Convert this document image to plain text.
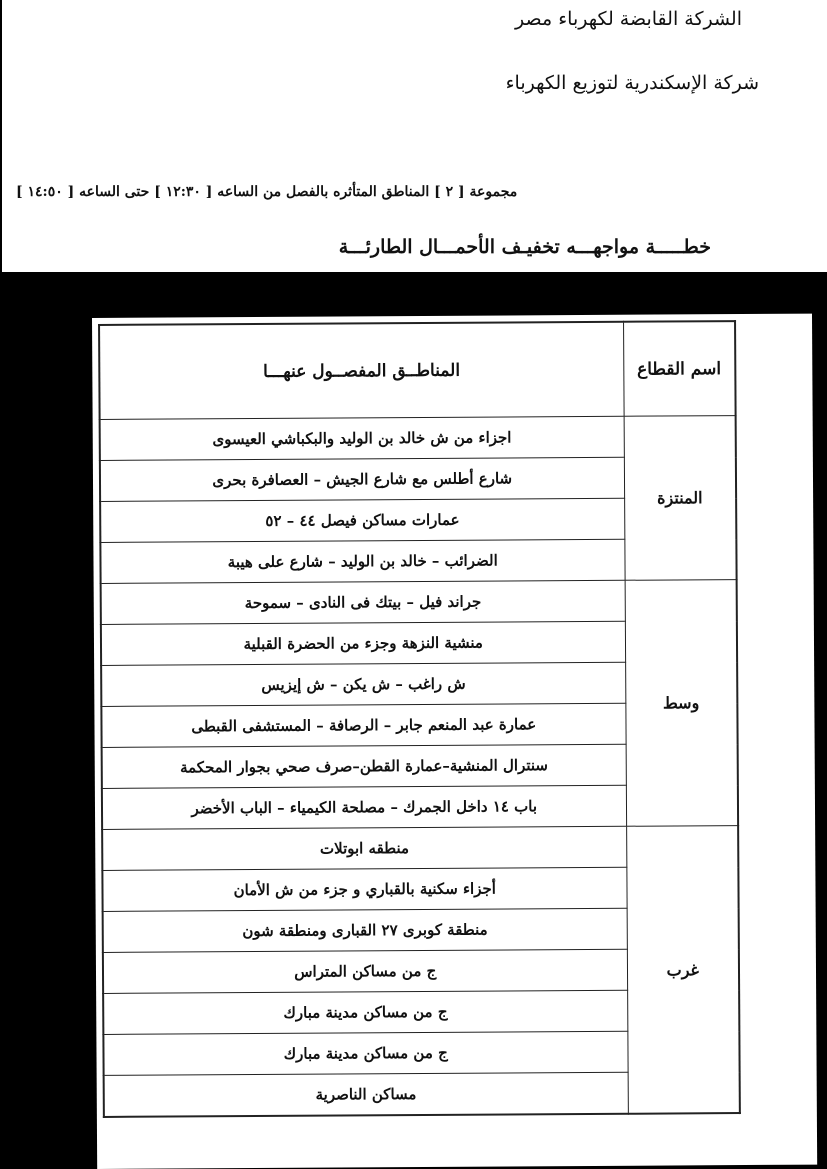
الشركة القابضة لكهرباء مصر
شركة الإسكندرية لتوزيع الكهرباء
مجموعة [ ٢ ] المناطق المتأثره بالفصل من الساعه [ ١٢:٣٠ ] حتى الساعه [ ١٤:٥٠ ]
خطـــــة مواجهـــه تخفيـف الأحمـــال الطارئـــة
اسم القطاع	المناطــق المفصــول عنهـــا
المنتزة	اجزاء من ش خالد بن الوليد والبكباشي العيسوى
	شارع أطلس مع شارع الجيش – العصافرة بحرى
	عمارات مساكن فيصل ٤٤ – ٥٢
	الضرائب – خالد بن الوليد – شارع على هيبة
وسط	جراند فيل – بيتك فى النادى – سموحة
	منشية النزهة وجزء من الحضرة القبلية
	ش راغب – ش يكن – ش إيزيس
	عمارة عبد المنعم جابر – الرصافة – المستشفى القبطى
	سنترال المنشية–عمارة القطن–صرف صحي بجوار المحكمة
	باب ١٤ داخل الجمرك – مصلحة الكيمياء – الباب الأخضر
غرب	منطقه ابوتلات
	أجزاء سكنية بالقباري و جزء من ش الأمان
	منطقة كوبرى ٢٧ القبارى ومنطقة شون
	ج من مساكن المتراس
	ج من مساكن مدينة مبارك
	ج من مساكن مدينة مبارك
	مساكن الناصرية
